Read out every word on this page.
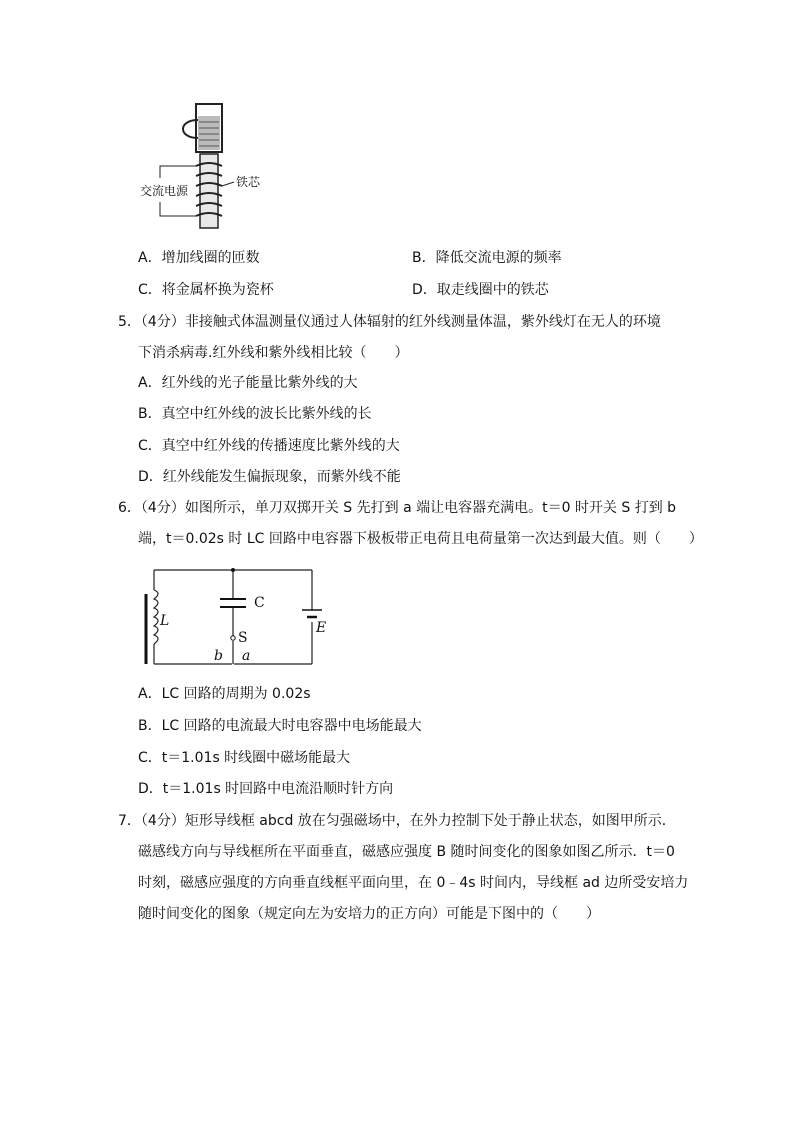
交流电源
铁芯
A．增加线圈的匝数	B．降低交流电源的频率
C．将金属杯换为瓷杯	D．取走线圈中的铁芯
5．（4分）非接触式体温测量仪通过人体辐射的红外线测量体温，紫外线灯在无人的环境
下消杀病毒.红外线和紫外线相比较（　　）
A．红外线的光子能量比紫外线的大
B．真空中红外线的波长比紫外线的长
C．真空中红外线的传播速度比紫外线的大
D．红外线能发生偏振现象，而紫外线不能
6．（4分）如图所示，单刀双掷开关 S 先打到 a 端让电容器充满电。t＝0 时开关 S 打到 b
端，t＝0.02s 时 LC 回路中电容器下极板带正电荷且电荷量第一次达到最大值。则（　　）
C
L
S
E
b a
A．LC 回路的周期为 0.02s
B．LC 回路的电流最大时电容器中电场能最大
C．t＝1.01s 时线圈中磁场能最大
D．t＝1.01s 时回路中电流沿顺时针方向
7．（4分）矩形导线框 abcd 放在匀强磁场中，在外力控制下处于静止状态，如图甲所示．
磁感线方向与导线框所在平面垂直，磁感应强度 B 随时间变化的图象如图乙所示．t＝0
时刻，磁感应强度的方向垂直线框平面向里，在 0﹣4s 时间内，导线框 ad 边所受安培力
随时间变化的图象（规定向左为安培力的正方向）可能是下图中的（　　）
